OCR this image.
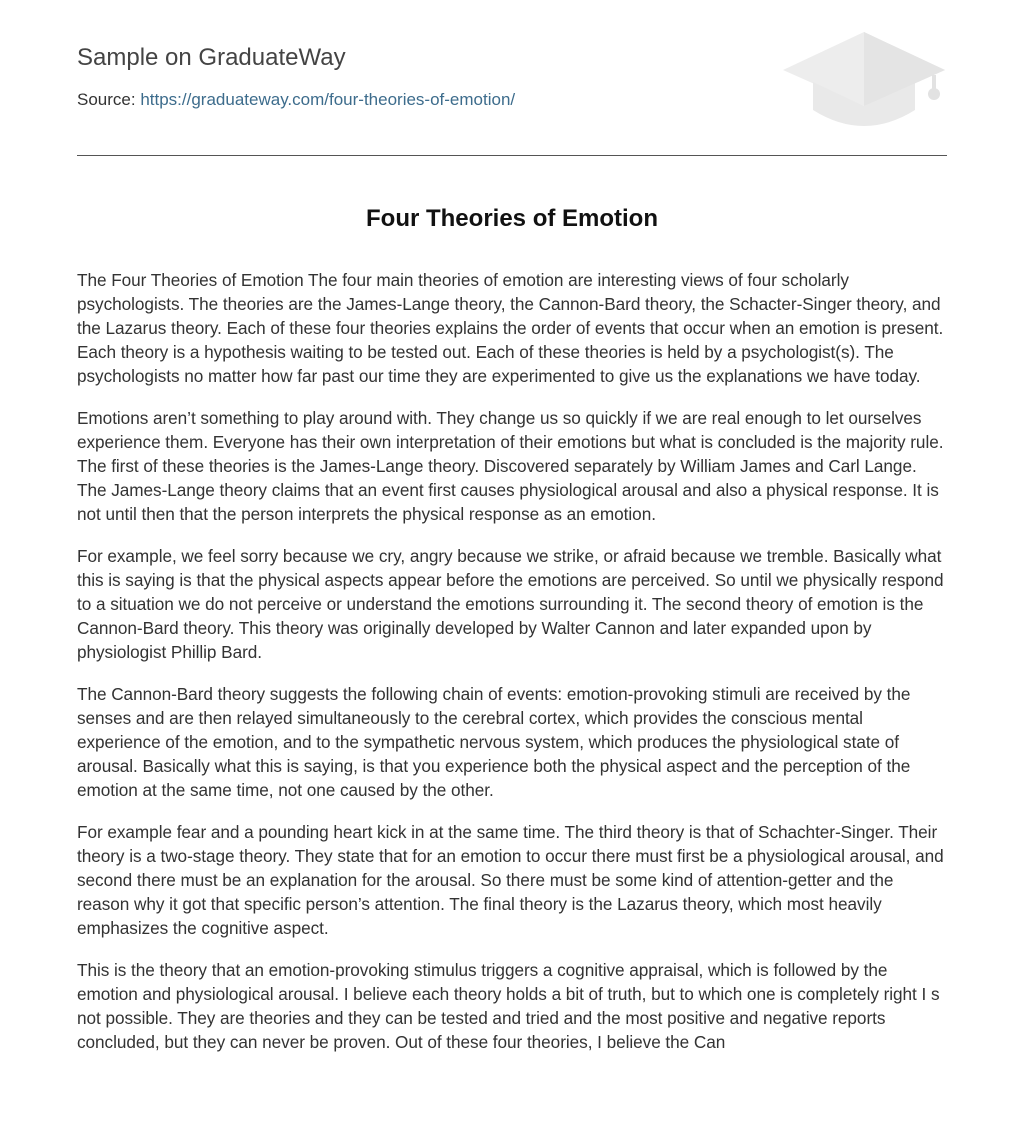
Sample on GraduateWay
Source: https://graduateway.com/four-theories-of-emotion/
Four Theories of Emotion

The Four Theories of Emotion The four main theories of emotion are interesting views of four scholarly psychologists. The theories are the James-Lange theory, the Cannon-Bard theory, the Schacter-Singer theory, and the Lazarus theory. Each of these four theories explains the order of events that occur when an emotion is present. Each theory is a hypothesis waiting to be tested out. Each of these theories is held by a psychologist(s). The psychologists no matter how far past our time they are experimented to give us the explanations we have today.

Emotions aren’t something to play around with. They change us so quickly if we are real enough to let ourselves experience them. Everyone has their own interpretation of their emotions but what is concluded is the majority rule. The first of these theories is the James-Lange theory. Discovered separately by William James and Carl Lange. The James-Lange theory claims that an event first causes physiological arousal and also a physical response. It is not until then that the person interprets the physical response as an emotion.

For example, we feel sorry because we cry, angry because we strike, or afraid because we tremble. Basically what this is saying is that the physical aspects appear before the emotions are perceived. So until we physically respond to a situation we do not perceive or understand the emotions surrounding it. The second theory of emotion is the Cannon-Bard theory. This theory was originally developed by Walter Cannon and later expanded upon by physiologist Phillip Bard.

The Cannon-Bard theory suggests the following chain of events: emotion-provoking stimuli are received by the senses and are then relayed simultaneously to the cerebral cortex, which provides the conscious mental experience of the emotion, and to the sympathetic nervous system, which produces the physiological state of arousal. Basically what this is saying, is that you experience both the physical aspect and the perception of the emotion at the same time, not one caused by the other.

For example fear and a pounding heart kick in at the same time. The third theory is that of Schachter-Singer. Their theory is a two-stage theory. They state that for an emotion to occur there must first be a physiological arousal, and second there must be an explanation for the arousal. So there must be some kind of attention-getter and the reason why it got that specific person’s attention. The final theory is the Lazarus theory, which most heavily emphasizes the cognitive aspect.

This is the theory that an emotion-provoking stimulus triggers a cognitive appraisal, which is followed by the emotion and physiological arousal. I believe each theory holds a bit of truth, but to which one is completely right I s not possible. They are theories and they can be tested and tried and the most positive and negative reports concluded, but they can never be proven. Out of these four theories, I believe the Can
